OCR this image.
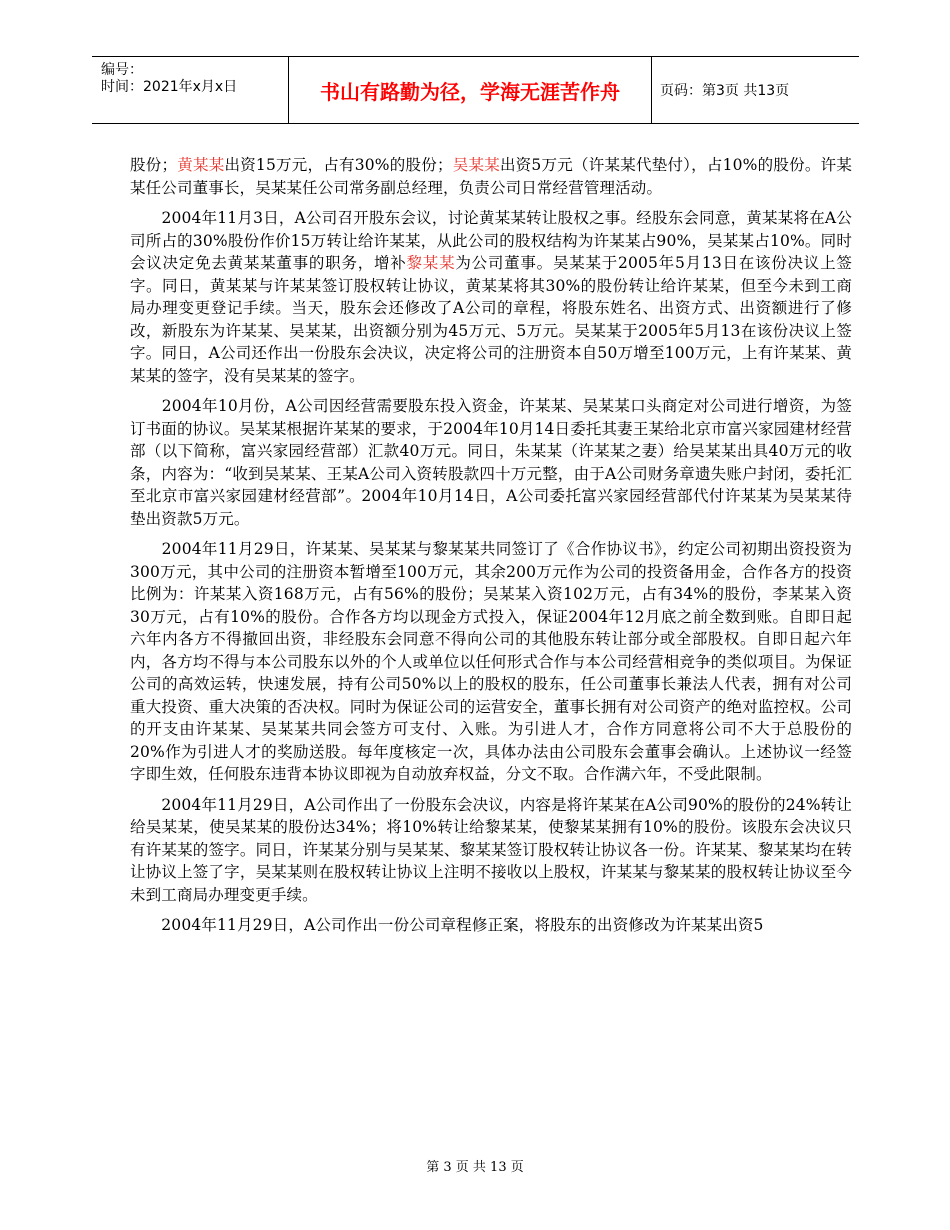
编号：
时间：2021年x月x日	书山有路勤为径，学海无涯苦作舟	页码：第3页 共13页

股份；黄某某出资15万元，占有30%的股份；吴某某出资5万元（许某某代垫付），占10%的股份。许某某任公司董事长，吴某某任公司常务副总经理，负责公司日常经营管理活动。

　　2004年11月3日，A公司召开股东会议，讨论黄某某转让股权之事。经股东会同意，黄某某将在A公司所占的30%股份作价15万转让给许某某，从此公司的股权结构为许某某占90%，吴某某占10%。同时会议决定免去黄某某董事的职务，增补黎某某为公司董事。吴某某于2005年5月13日在该份决议上签字。同日，黄某某与许某某签订股权转让协议，黄某某将其30%的股份转让给许某某，但至今未到工商局办理变更登记手续。当天，股东会还修改了A公司的章程，将股东姓名、出资方式、出资额进行了修改，新股东为许某某、吴某某，出资额分别为45万元、5万元。吴某某于2005年5月13在该份决议上签字。同日，A公司还作出一份股东会决议，决定将公司的注册资本自50万增至100万元，上有许某某、黄某某的签字，没有吴某某的签字。

　　2004年10月份，A公司因经营需要股东投入资金，许某某、吴某某口头商定对公司进行增资，为签订书面的协议。吴某某根据许某某的要求，于2004年10月14日委托其妻王某给北京市富兴家园建材经营部（以下简称，富兴家园经营部）汇款40万元。同日，朱某某（许某某之妻）给吴某某出具40万元的收条，内容为：“收到吴某某、王某A公司入资转股款四十万元整，由于A公司财务章遗失账户封闭，委托汇至北京市富兴家园建材经营部”。2004年10月14日，A公司委托富兴家园经营部代付许某某为吴某某待垫出资款5万元。

　　2004年11月29日，许某某、吴某某与黎某某共同签订了《合作协议书》，约定公司初期出资投资为300万元，其中公司的注册资本暂增至100万元，其余200万元作为公司的投资备用金，合作各方的投资比例为：许某某入资168万元，占有56%的股份；吴某某入资102万元，占有34%的股份，李某某入资30万元，占有10%的股份。合作各方均以现金方式投入，保证2004年12月底之前全数到账。自即日起六年内各方不得撤回出资，非经股东会同意不得向公司的其他股东转让部分或全部股权。自即日起六年内，各方均不得与本公司股东以外的个人或单位以任何形式合作与本公司经营相竞争的类似项目。为保证公司的高效运转，快速发展，持有公司50%以上的股权的股东，任公司董事长兼法人代表，拥有对公司重大投资、重大决策的否决权。同时为保证公司的运营安全，董事长拥有对公司资产的绝对监控权。公司的开支由许某某、吴某某共同会签方可支付、入账。为引进人才，合作方同意将公司不大于总股份的20%作为引进人才的奖励送股。每年度核定一次，具体办法由公司股东会董事会确认。上述协议一经签字即生效，任何股东违背本协议即视为自动放弃权益，分文不取。合作满六年，不受此限制。

　　2004年11月29日，A公司作出了一份股东会决议，内容是将许某某在A公司90%的股份的24%转让给吴某某，使吴某某的股份达34%；将10%转让给黎某某，使黎某某拥有10%的股份。该股东会决议只有许某某的签字。同日，许某某分别与吴某某、黎某某签订股权转让协议各一份。许某某、黎某某均在转让协议上签了字，吴某某则在股权转让协议上注明不接收以上股权，许某某与黎某某的股权转让协议至今未到工商局办理变更手续。

　　2004年11月29日，A公司作出一份公司章程修正案，将股东的出资修改为许某某出资5

第 3 页 共 13 页
